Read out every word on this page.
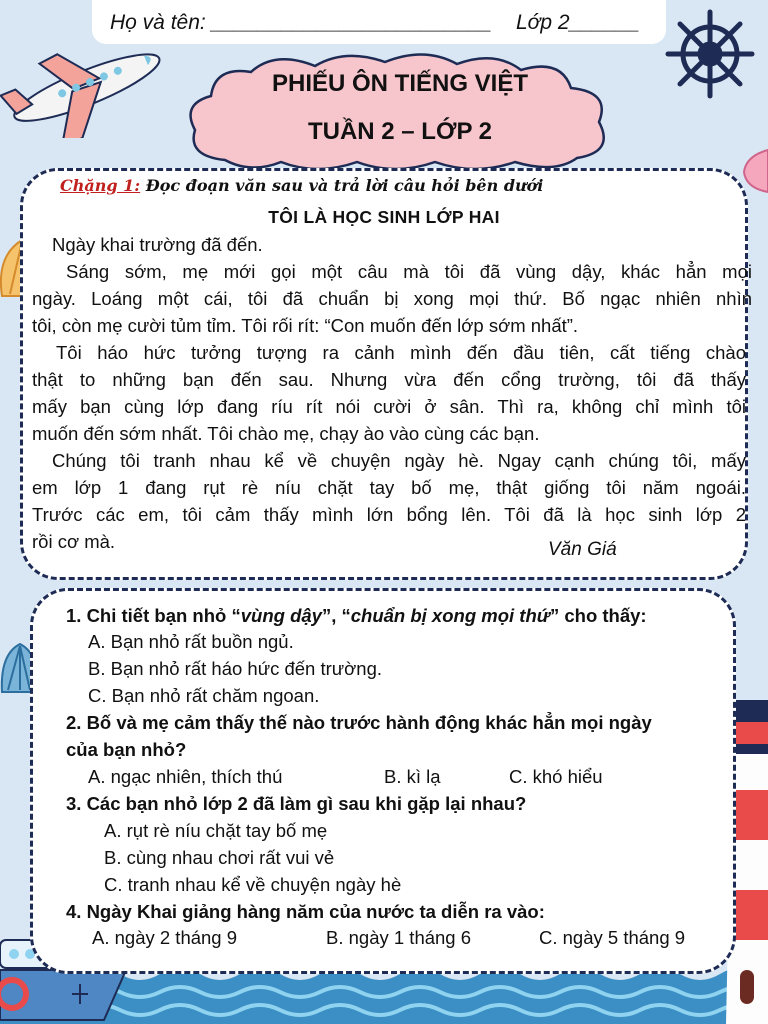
Họ và tên: ________________________ Lớp 2______
PHIẾU ÔN TIẾNG VIỆT
TUẦN 2 – LỚP 2
Chặng 1: Đọc đoạn văn sau và trả lời câu hỏi bên dưới
TÔI LÀ HỌC SINH LỚP HAI
Ngày khai trường đã đến.
Sáng sớm, mẹ mới gọi một câu mà tôi đã vùng dậy, khác hẳn mọi
ngày. Loáng một cái, tôi đã chuẩn bị xong mọi thứ. Bố ngạc nhiên nhìn
tôi, còn mẹ cười tủm tỉm. Tôi rối rít: “Con muốn đến lớp sớm nhất”.
Tôi háo hức tưởng tượng ra cảnh mình đến đầu tiên, cất tiếng chào
thật to những bạn đến sau. Nhưng vừa đến cổng trường, tôi đã thấy
mấy bạn cùng lớp đang ríu rít nói cười ở sân. Thì ra, không chỉ mình tôi
muốn đến sớm nhất. Tôi chào mẹ, chạy ào vào cùng các bạn.
Chúng tôi tranh nhau kể về chuyện ngày hè. Ngay cạnh chúng tôi, mấy
em lớp 1 đang rụt rè níu chặt tay bố mẹ, thật giống tôi năm ngoái.
Trước các em, tôi cảm thấy mình lớn bổng lên. Tôi đã là học sinh lớp 2
rồi cơ mà.	Văn Giá
1. Chi tiết bạn nhỏ “vùng dậy”, “chuẩn bị xong mọi thứ” cho thấy:
A. Bạn nhỏ rất buồn ngủ.
B. Bạn nhỏ rất háo hức đến trường.
C. Bạn nhỏ rất chăm ngoan.
2. Bố và mẹ cảm thấy thế nào trước hành động khác hẳn mọi ngày
của bạn nhỏ?
A. ngạc nhiên, thích thú	B. kì lạ	C. khó hiểu
3. Các bạn nhỏ lớp 2 đã làm gì sau khi gặp lại nhau?
A. rụt rè níu chặt tay bố mẹ
B. cùng nhau chơi rất vui vẻ
C. tranh nhau kể về chuyện ngày hè
4. Ngày Khai giảng hàng năm của nước ta diễn ra vào:
A. ngày 2 tháng 9	B. ngày 1 tháng 6	C. ngày 5 tháng 9
